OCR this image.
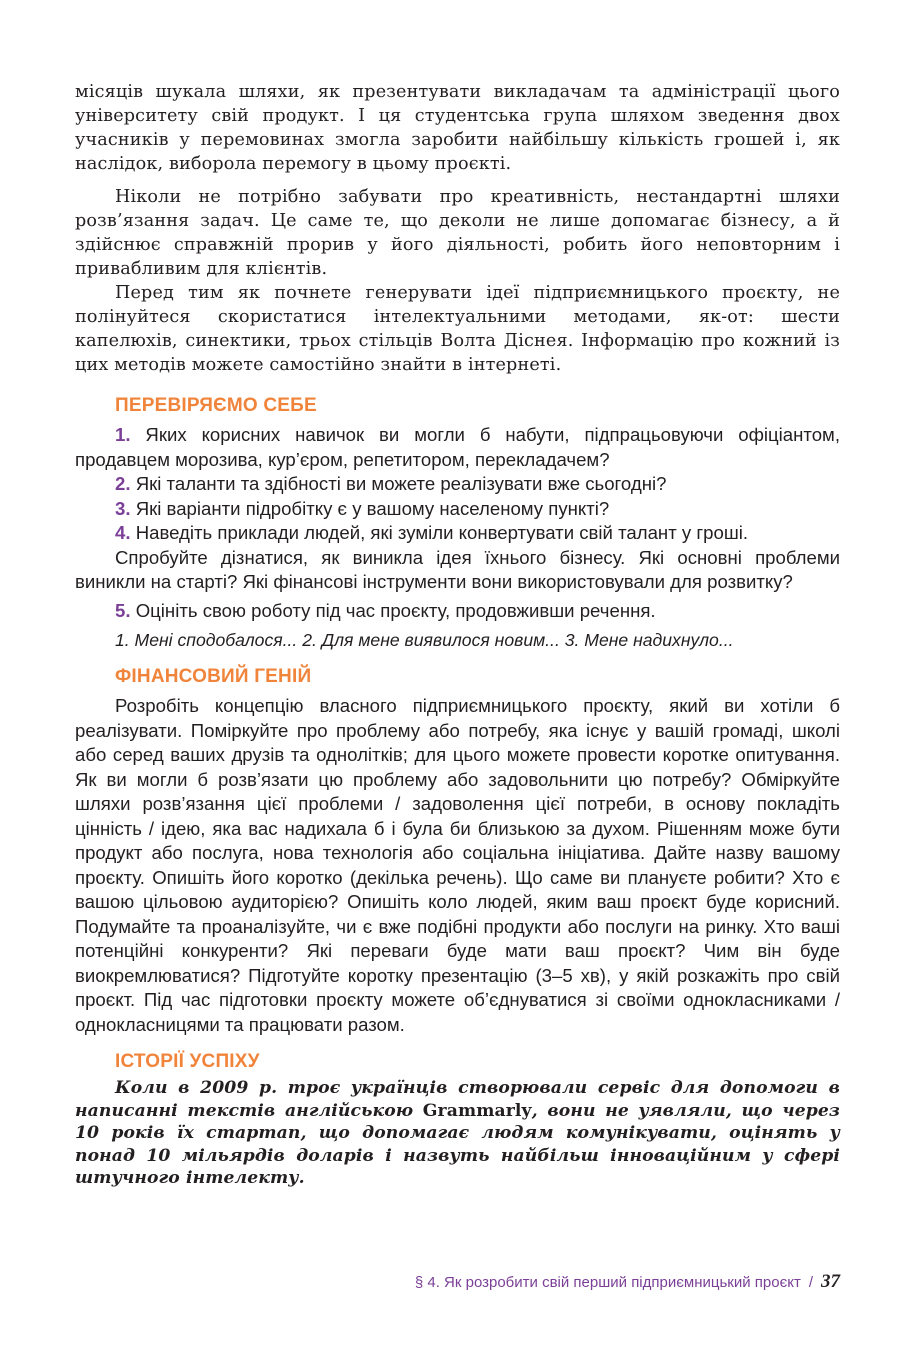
місяців шукала шляхи, як презентувати викладачам та адміністрації цього університету свій продукт. І ця студентська група шляхом зведення двох учасників у перемовинах змогла заробити найбільшу кількість грошей і, як наслідок, виборола перемогу в цьому проєкті.

Ніколи не потрібно забувати про креативність, нестандартні шляхи розв’язання задач. Це саме те, що деколи не лише допомагає бізнесу, а й здійснює справжній прорив у його діяльності, робить його неповторним і привабливим для клієнтів.

Перед тим як почнете генерувати ідеї підприємницького проєкту, не полінуйтеся скористатися інтелектуальними методами, як-от: шести капелюхів, синектики, трьох стільців Волта Діснея. Інформацію про кожний із цих методів можете самостійно знайти в інтернеті.

ПЕРЕВІРЯЄМО СЕБЕ

1. Яких корисних навичок ви могли б набути, підпрацьовуючи офіціантом, продавцем морозива, кур’єром, репетитором, перекладачем?

2. Які таланти та здібності ви можете реалізувати вже сьогодні?

3. Які варіанти підробітку є у вашому населеному пункті?

4. Наведіть приклади людей, які зуміли конвертувати свій талант у гроші.

Спробуйте дізнатися, як виникла ідея їхнього бізнесу. Які основні проблеми виникли на старті? Які фінансові інструменти вони використовували для розвитку?

5. Оцініть свою роботу під час проєкту, продовживши речення.

1. Мені сподобалося... 2. Для мене виявилося новим... 3. Мене надихнуло...

ФІНАНСОВИЙ ГЕНІЙ

Розробіть концепцію власного підприємницького проєкту, який ви хотіли б реалізувати. Поміркуйте про проблему або потребу, яка існує у вашій громаді, школі або серед ваших друзів та однолітків; для цього можете провести коротке опитування. Як ви могли б розв’язати цю проблему або задовольнити цю потребу? Обміркуйте шляхи розв’язання цієї проблеми / задоволення цієї потреби, в основу покладіть цінність / ідею, яка вас надихала б і була би близькою за духом. Рішенням може бути продукт або послуга, нова технологія або соціальна ініціатива. Дайте назву вашому проєкту. Опишіть його коротко (декілька речень). Що саме ви плануєте робити? Хто є вашою цільовою аудиторією? Опишіть коло людей, яким ваш проєкт буде корисний. Подумайте та проаналізуйте, чи є вже подібні продукти або послуги на ринку. Хто ваші потенційні конкуренти? Які переваги буде мати ваш проєкт? Чим він буде виокремлюватися? Підготуйте коротку презентацію (3–5 хв), у якій розкажіть про свій проєкт. Під час підготовки проєкту можете об’єднуватися зі своїми однокласниками / однокласницями та працювати разом.

ІСТОРІЇ УСПІХУ

Коли в 2009 р. троє українців створювали сервіс для допомоги в написанні текстів англійською Grammarly, вони не уявляли, що через 10 років їх стартап, що допомагає людям комунікувати, оцінять у понад 10 мільярдів доларів і назвуть найбільш інноваційним у сфері штучного інтелекту.

§ 4. Як розробити свій перший підприємницький проєкт / 37
